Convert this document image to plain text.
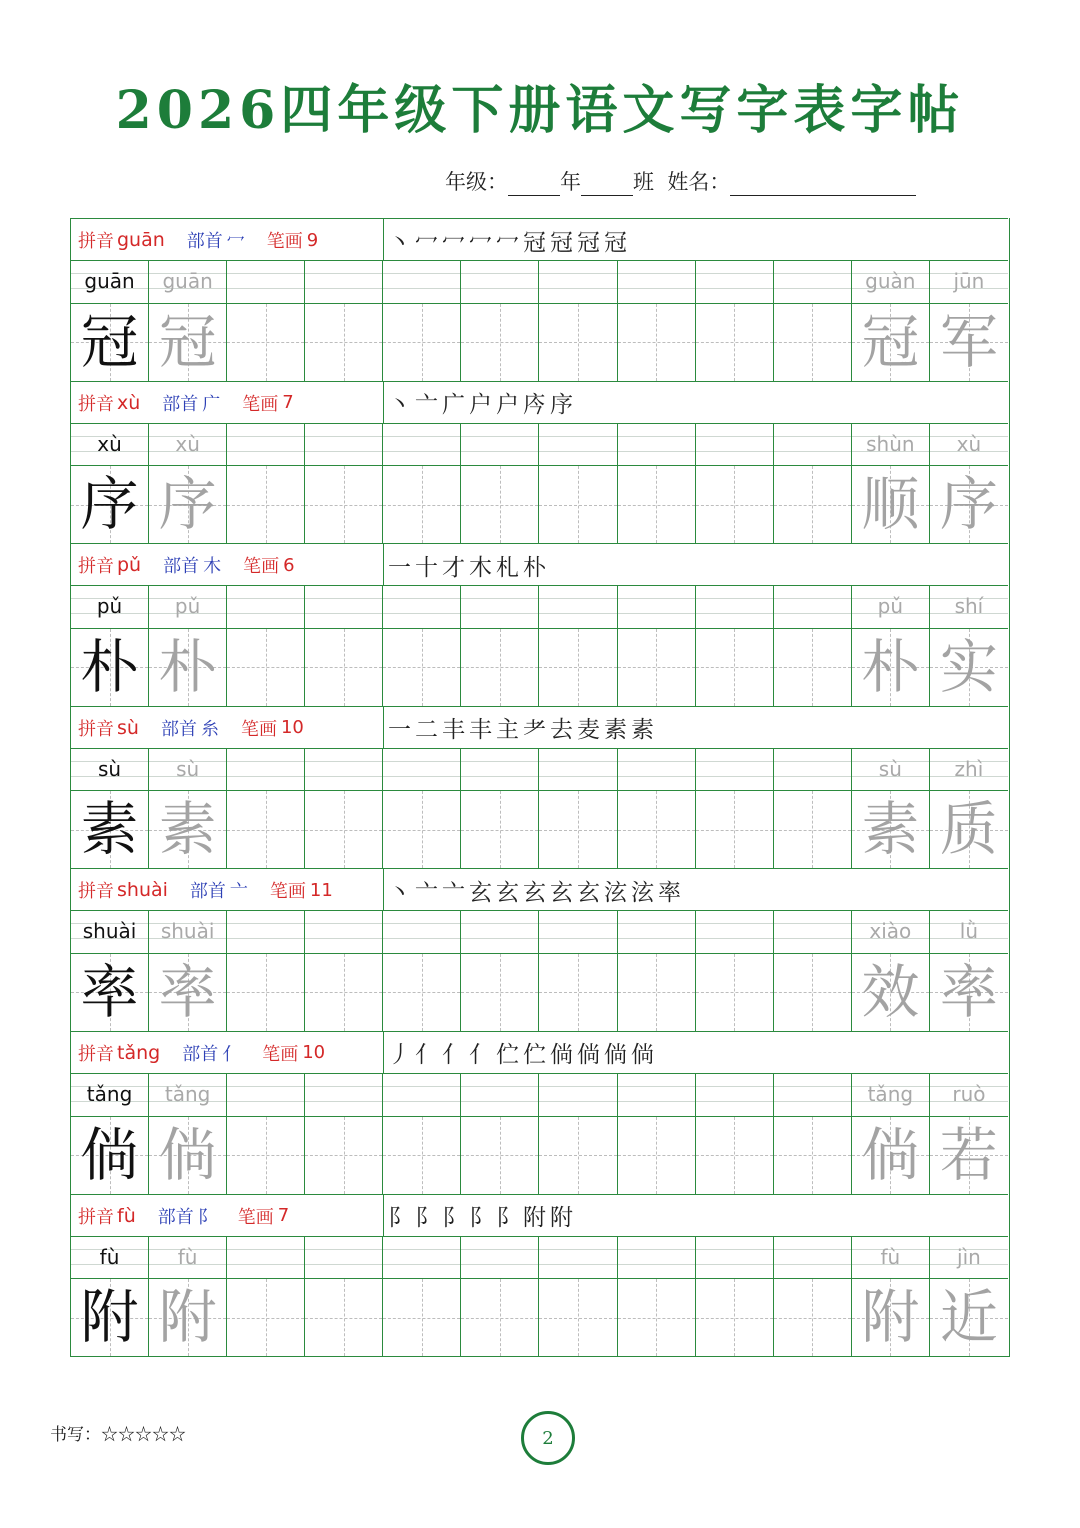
2026四年级下册语文写字表字帖
年级： 年 班 姓名：
拼音 guān 部首 冖 笔画 9	丶 冖 冖 冖 冖 冠 冠 冠 冠
guān	guān	guàn	jūn
冠 冠	冠 军
拼音 xù 部首 广 笔画 7	丶 亠 广 户 户 庈 序
xù	xù	shùn	xù
序 序	顺 序
拼音 pǔ 部首 木 笔画 6	一 十 才 木 札 朴
pǔ	pǔ	pǔ	shí
朴 朴	朴 实
拼音 sù 部首 糸 笔画 10	一 二 丰 丰 主 耂 去 麦 素 素
sù	sù	sù	zhì
素 素	素 质
拼音 shuài 部首 亠 笔画 11 丶 亠 亠 玄 玄 玄 玄 玄 泫 泫 率
shuài	shuài	xiào	lǜ
率 率	效 率
拼音 tǎng 部首 亻 笔画 10	丿 亻 亻 亻 伫 伫 倘 倘 倘 倘
tǎng	tǎng	tǎng	ruò
倘 倘	倘 若
拼音 fù 部首 阝 笔画 7	阝 阝 阝 阝 阝 附 附
fù	fù	fù	jìn
附 附	附 近
书写：☆☆☆☆☆	2
